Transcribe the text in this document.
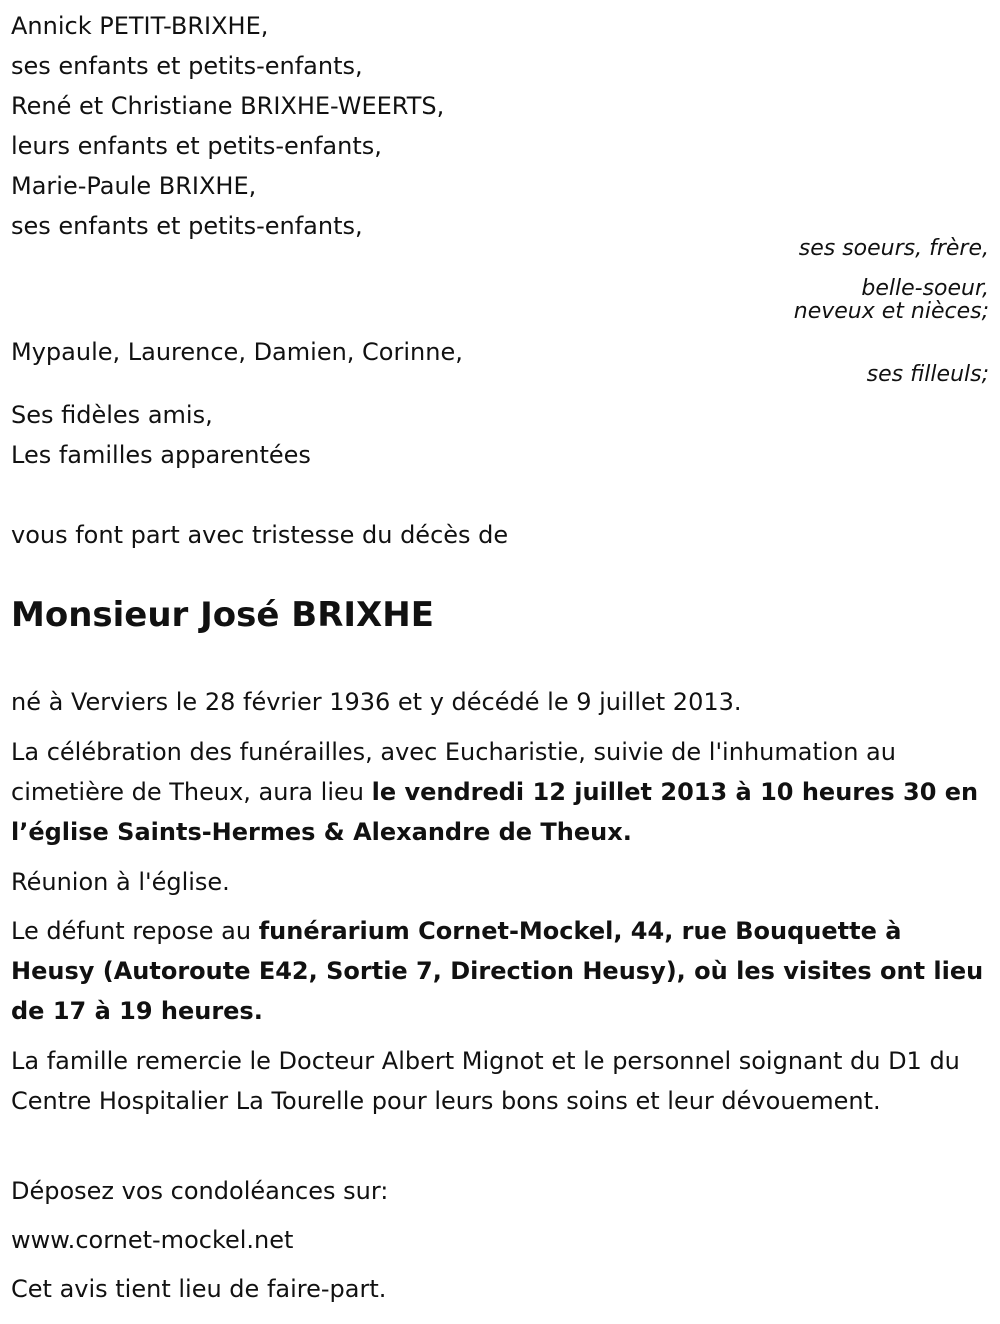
Annick PETIT-BRIXHE,
ses enfants et petits-enfants,
René et Christiane BRIXHE-WEERTS,
leurs enfants et petits-enfants,
Marie-Paule BRIXHE,
ses enfants et petits-enfants,
ses soeurs, frère,
belle-soeur,
neveux et nièces;
Mypaule, Laurence, Damien, Corinne,
ses filleuls;
Ses fidèles amis,
Les familles apparentées
vous font part avec tristesse du décès de
Monsieur José BRIXHE
né à Verviers le 28 février 1936 et y décédé le 9 juillet 2013.
La célébration des funérailles, avec Eucharistie, suivie de l'inhumation au cimetière de Theux, aura lieu le vendredi 12 juillet 2013 à 10 heures 30 en l’église Saints-Hermes & Alexandre de Theux.
Réunion à l'église.
Le défunt repose au funérarium Cornet-Mockel, 44, rue Bouquette à Heusy (Autoroute E42, Sortie 7, Direction Heusy), où les visites ont lieu de 17 à 19 heures.
La famille remercie le Docteur Albert Mignot et le personnel soignant du D1 du Centre Hospitalier La Tourelle pour leurs bons soins et leur dévouement.
Déposez vos condoléances sur:
www.cornet-mockel.net
Cet avis tient lieu de faire-part.
